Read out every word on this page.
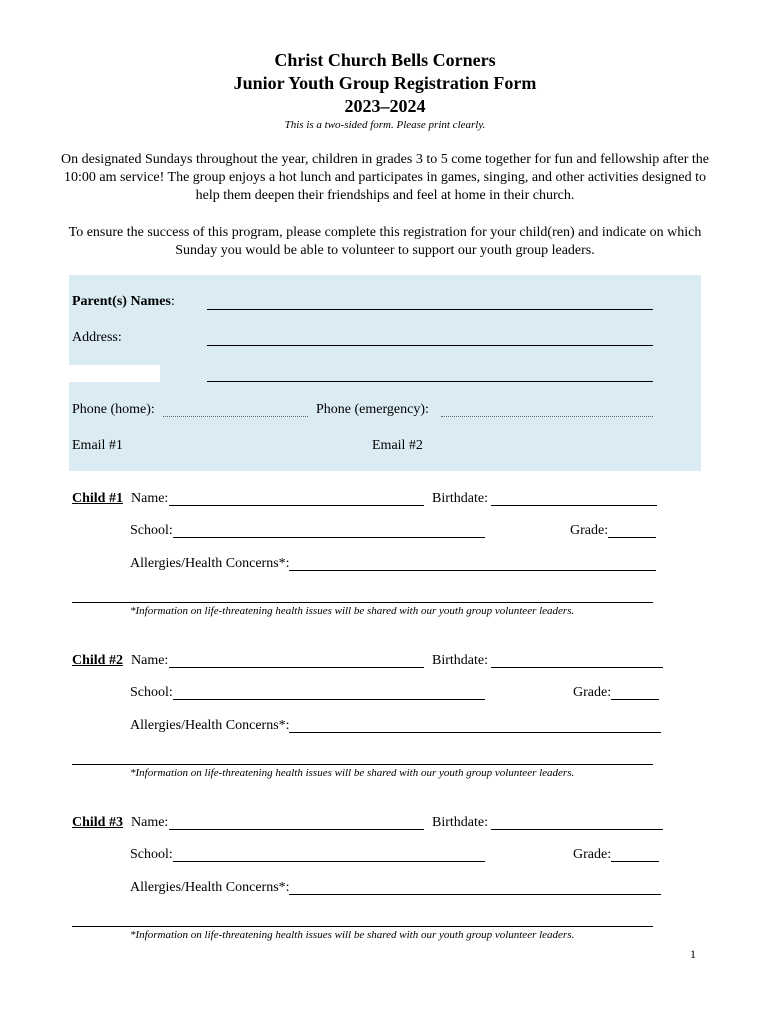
Christ Church Bells Corners
Junior Youth Group Registration Form
2023–2024
This is a two-sided form. Please print clearly.
On designated Sundays throughout the year, children in grades 3 to 5 come together for fun and fellowship after the 10:00 am service! The group enjoys a hot lunch and participates in games, singing, and other activities designed to help them deepen their friendships and feel at home in their church.
To ensure the success of this program, please complete this registration for your child(ren) and indicate on which Sunday you would be able to volunteer to support our youth group leaders.
Parent(s) Names:
Address:
Phone (home):	Phone (emergency):
Email #1	Email #2
Child #1 Name:	Birthdate:
School:	Grade:
Allergies/Health Concerns*:
*Information on life-threatening health issues will be shared with our youth group volunteer leaders.
Child #2 Name:	Birthdate:
School:	Grade:
Allergies/Health Concerns*:
*Information on life-threatening health issues will be shared with our youth group volunteer leaders.
Child #3 Name:	Birthdate:
School:	Grade:
Allergies/Health Concerns*:
*Information on life-threatening health issues will be shared with our youth group volunteer leaders.
1
